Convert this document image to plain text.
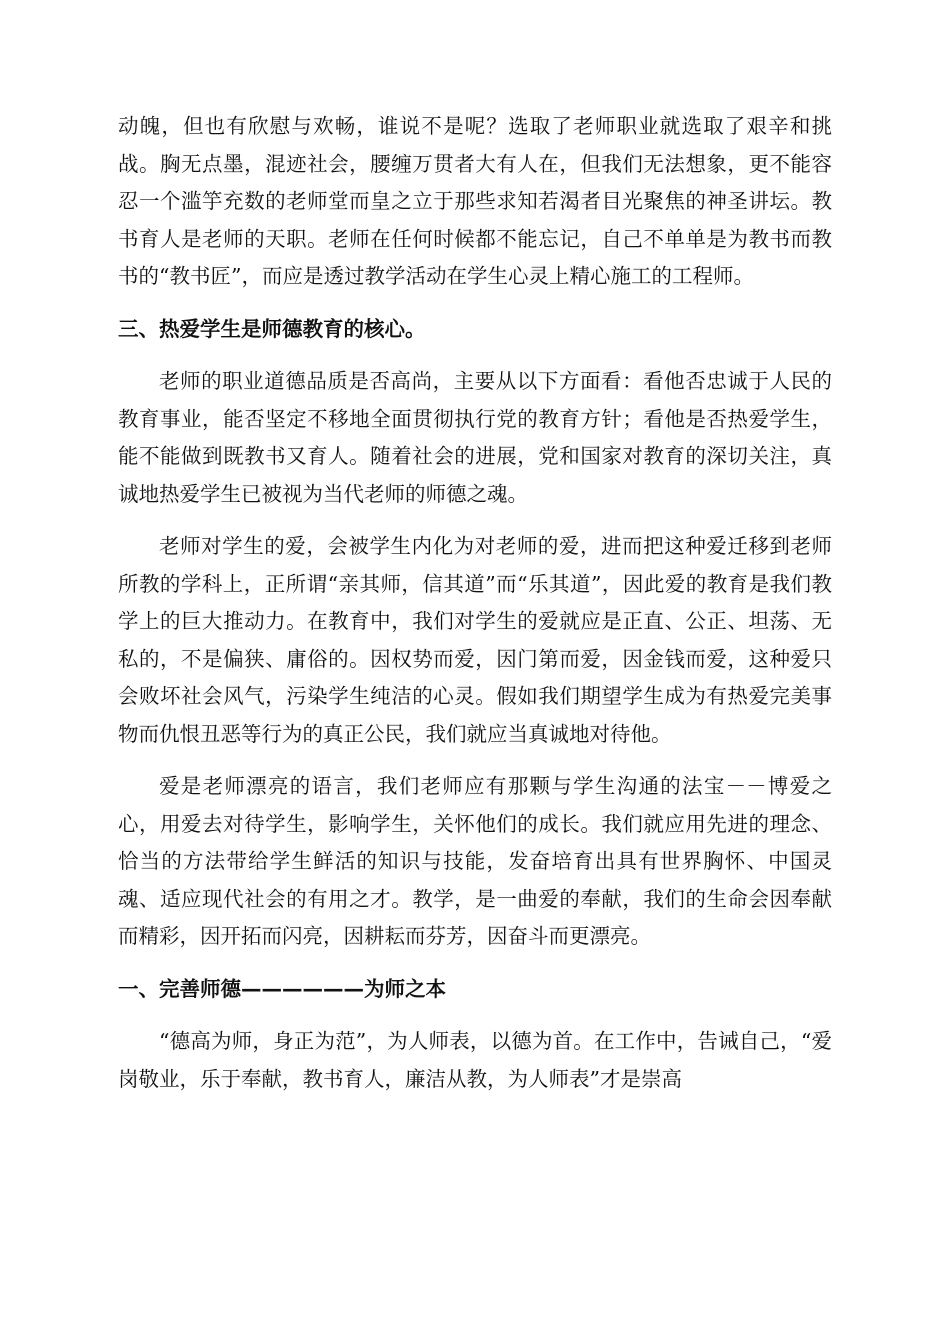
动魄，但也有欣慰与欢畅，谁说不是呢？选取了老师职业就选取了艰辛和挑战。胸无点墨，混迹社会，腰缠万贯者大有人在，但我们无法想象，更不能容忍一个滥竽充数的老师堂而皇之立于那些求知若渴者目光聚焦的神圣讲坛。教书育人是老师的天职。老师在任何时候都不能忘记，自己不单单是为教书而教书的“教书匠”，而应是透过教学活动在学生心灵上精心施工的工程师。

三、热爱学生是师德教育的核心。

老师的职业道德品质是否高尚，主要从以下方面看：看他否忠诚于人民的教育事业，能否坚定不移地全面贯彻执行党的教育方针；看他是否热爱学生，能不能做到既教书又育人。随着社会的进展，党和国家对教育的深切关注，真诚地热爱学生已被视为当代老师的师德之魂。

老师对学生的爱，会被学生内化为对老师的爱，进而把这种爱迁移到老师所教的学科上，正所谓“亲其师，信其道”而“乐其道”，因此爱的教育是我们教学上的巨大推动力。在教育中，我们对学生的爱就应是正直、公正、坦荡、无私的，不是偏狭、庸俗的。因权势而爱，因门第而爱，因金钱而爱，这种爱只会败坏社会风气，污染学生纯洁的心灵。假如我们期望学生成为有热爱完美事物而仇恨丑恶等行为的真正公民，我们就应当真诚地对待他。

爱是老师漂亮的语言，我们老师应有那颗与学生沟通的法宝－－博爱之心，用爱去对待学生，影响学生，关怀他们的成长。我们就应用先进的理念、恰当的方法带给学生鲜活的知识与技能，发奋培育出具有世界胸怀、中国灵魂、适应现代社会的有用之才。教学，是一曲爱的奉献，我们的生命会因奉献而精彩，因开拓而闪亮，因耕耘而芬芳，因奋斗而更漂亮。

一、完善师德——————为师之本

“德高为师，身正为范”，为人师表，以德为首。在工作中，告诫自己，“爱岗敬业，乐于奉献，教书育人，廉洁从教，为人师表”才是崇高
